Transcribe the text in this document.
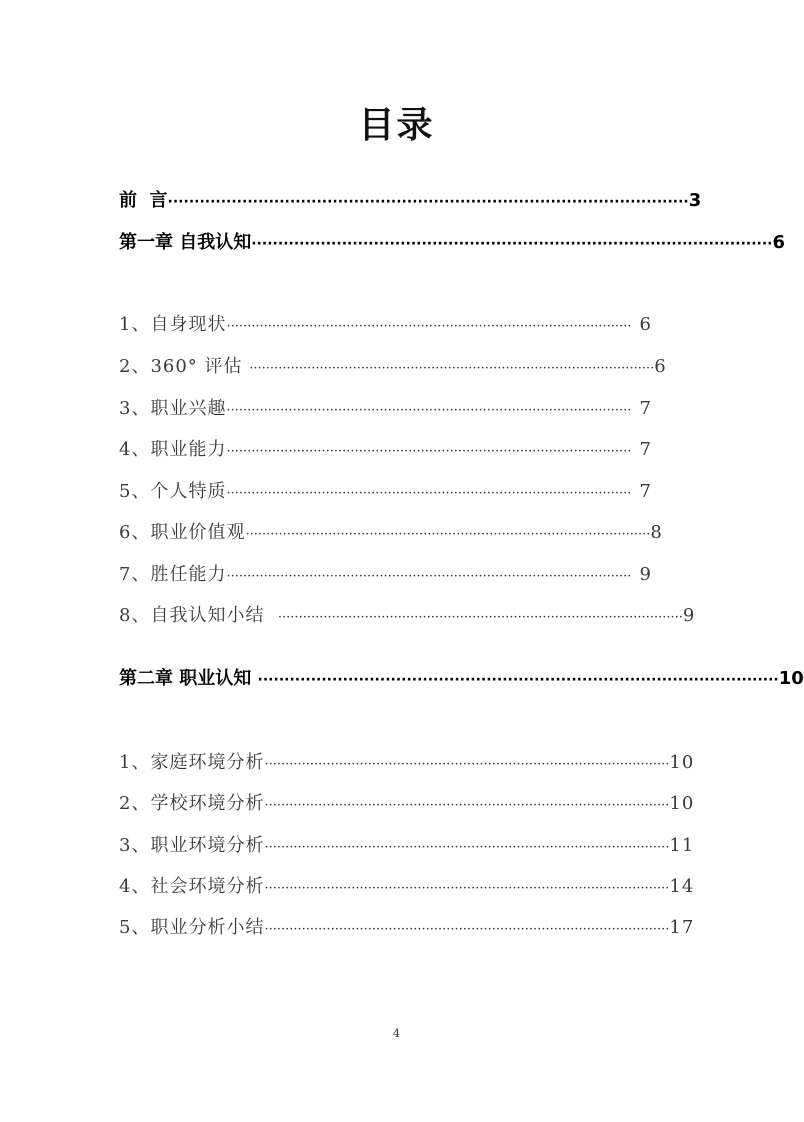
目录
前  言 ·································································································· 3
第一章 自我认知 ·································································································· 6
1、自身现状 ·································································································· 6
2、360° 评估 ·································································································· 6
3、职业兴趣 ·································································································· 7
4、职业能力 ·································································································· 7
5、个人特质 ·································································································· 7
6、职业价值观 ·································································································· 8
7、胜任能力 ·································································································· 9
8、自我认知小结 ·································································································· 9
第二章 职业认知 ·································································································· 10
1、家庭环境分析 ·································································································· 10
2、学校环境分析 ·································································································· 10
3、职业环境分析 ·································································································· 11
4、社会环境分析 ·································································································· 14
5、职业分析小结 ·································································································· 17
4
